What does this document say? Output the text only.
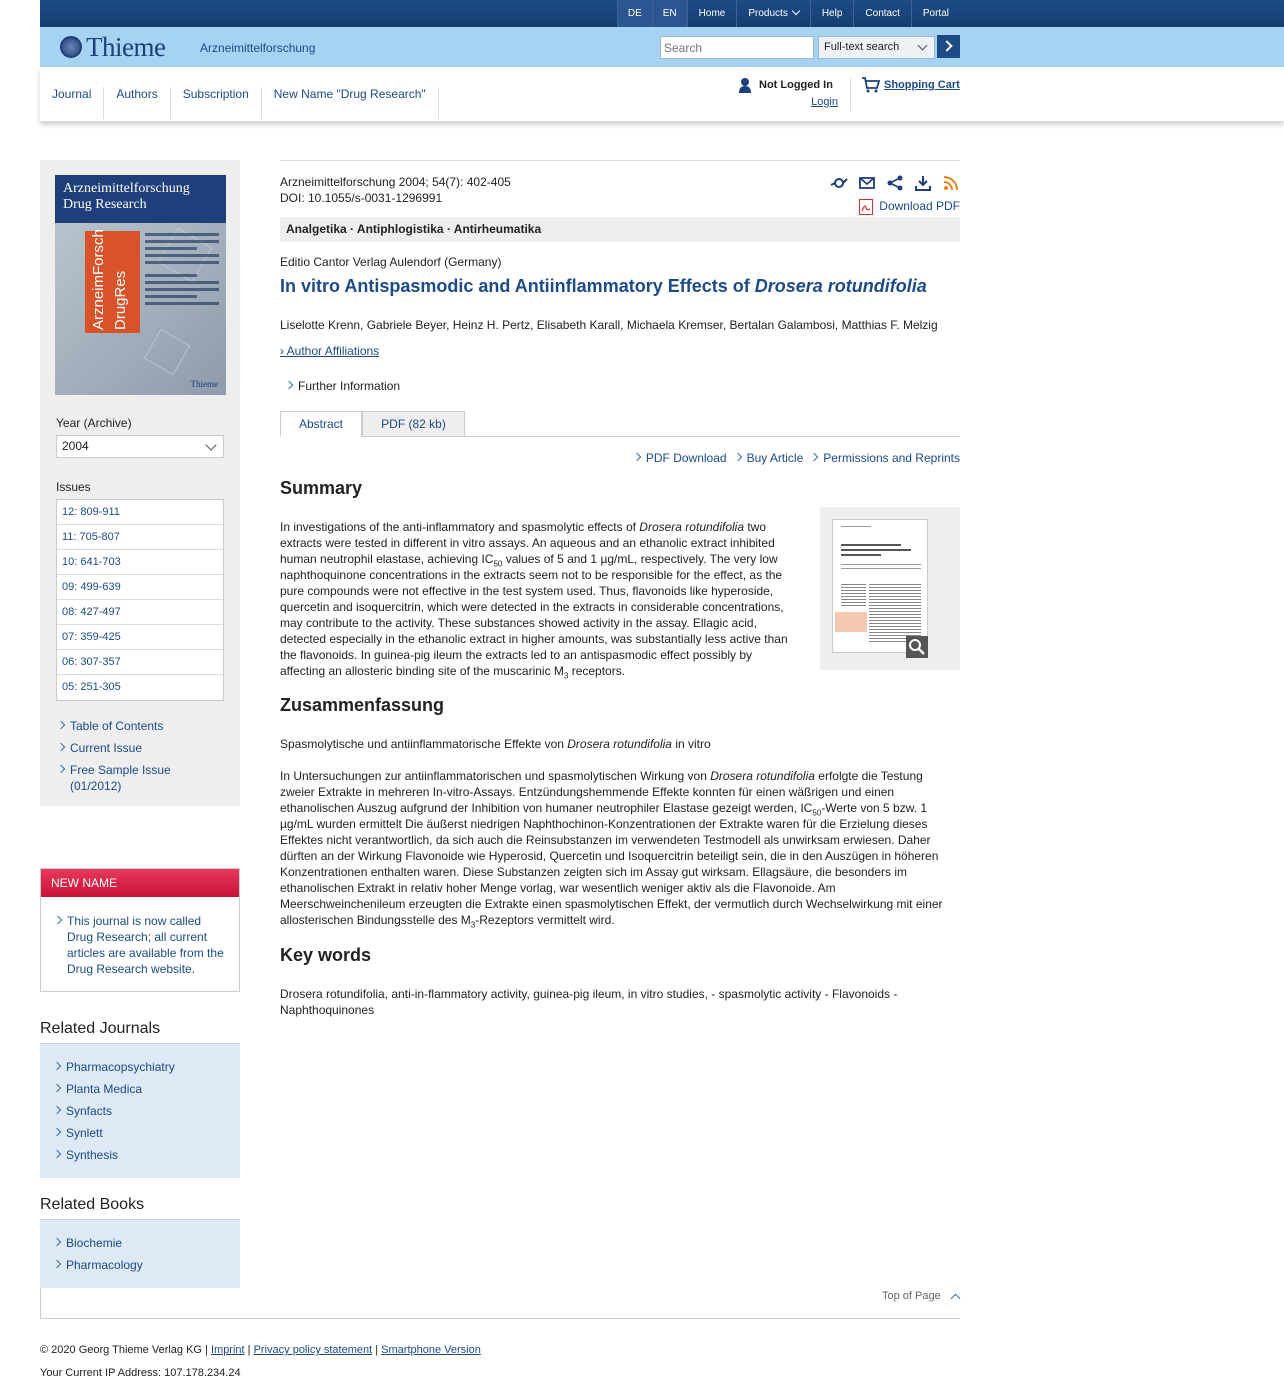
DE	EN	Home	Products	Help	Contact	Portal
Thieme	Arzneimittelforschung
Search	Full-text search
Journal	Authors	Subscription	New Name "Drug Research"
Not Logged In
Login
Shopping Cart
Arzneimittelforschung
Drug Research
ArzneimForsch DrugRes
Thieme
Year (Archive)
2004
Issues
12: 809-911
11: 705-807
10: 641-703
09: 499-639
08: 427-497
07: 359-425
06: 307-357
05: 251-305
Table of Contents
Current Issue
Free Sample Issue (01/2012)
NEW NAME
This journal is now called Drug Research; all current articles are available from the Drug Research website.
Related Journals
Pharmacopsychiatry
Planta Medica
Synfacts
Synlett
Synthesis
Related Books
Biochemie
Pharmacology
Arzneimittelforschung 2004; 54(7): 402-405
DOI: 10.1055/s-0031-1296991
Download PDF
Analgetika · Antiphlogistika · Antirheumatika
Editio Cantor Verlag Aulendorf (Germany)
In vitro Antispasmodic and Antiinflammatory Effects of Drosera rotundifolia
Liselotte Krenn, Gabriele Beyer, Heinz H. Pertz, Elisabeth Karall, Michaela Kremser, Bertalan Galambosi, Matthias F. Melzig
› Author Affiliations
Further Information
Abstract	PDF (82 kb)
PDF Download	Buy Article	Permissions and Reprints
Summary

In investigations of the anti-inflammatory and spasmolytic effects of Drosera rotundifolia two extracts were tested in different in vitro assays. An aqueous and an ethanolic extract inhibited human neutrophil elastase, achieving $IC_{50}$ values of 5 and 1 µg/mL, respectively. The very low naphthoquinone concentrations in the extracts seem not to be responsible for the effect, as the pure compounds were not effective in the test system used. Thus, flavonoids like hyperoside, quercetin and isoquercitrin, which were detected in the extracts in considerable concentrations, may contribute to the activity. These substances showed activity in the assay. Ellagic acid, detected especially in the ethanolic extract in higher amounts, was substantially less active than the flavonoids. In guinea-pig ileum the extracts led to an antispasmodic effect possibly by affecting an allosteric binding site of the muscarinic $M_3$ receptors.

Zusammenfassung

Spasmolytische und antiinflammatorische Effekte von Drosera rotundifolia in vitro

In Untersuchungen zur antiinflammatorischen und spasmolytischen Wirkung von Drosera rotundifolia erfolgte die Testung zweier Extrakte in mehreren In-vitro-Assays. Entzündungshemmende Effekte konnten für einen wäßrigen und einen ethanolischen Auszug aufgrund der Inhibition von humaner neutrophiler Elastase gezeigt werden, $IC_{50}$-Werte von 5 bzw. 1 µg/mL wurden ermittelt Die äußerst niedrigen Naphthochinon-Konzentrationen der Extrakte waren für die Erzielung dieses Effektes nicht verantwortlich, da sich auch die Reinsubstanzen im verwendeten Testmodell als unwirksam erwiesen. Daher dürften an der Wirkung Flavonoide wie Hyperosid, Quercetin und Isoquercitrin beteiligt sein, die in den Auszügen in höheren Konzentrationen enthalten waren. Diese Substanzen zeigten sich im Assay gut wirksam. Ellagsäure, die besonders im ethanolischen Extrakt in relativ hoher Menge vorlag, war wesentlich weniger aktiv als die Flavonoide. Am Meerschweinchenileum erzeugten die Extrakte einen spasmolytischen Effekt, der vermutlich durch Wechselwirkung mit einer allosterischen Bindungsstelle des $M_3$-Rezeptors vermittelt wird.

Key words

Drosera rotundifolia, anti-in-flammatory activity, guinea-pig ileum, in vitro studies, - spasmolytic activity - Flavonoids - Naphthoquinones

Top of Page
© 2020 Georg Thieme Verlag KG | Imprint | Privacy policy statement | Smartphone Version
Your Current IP Address: 107.178.234.24
